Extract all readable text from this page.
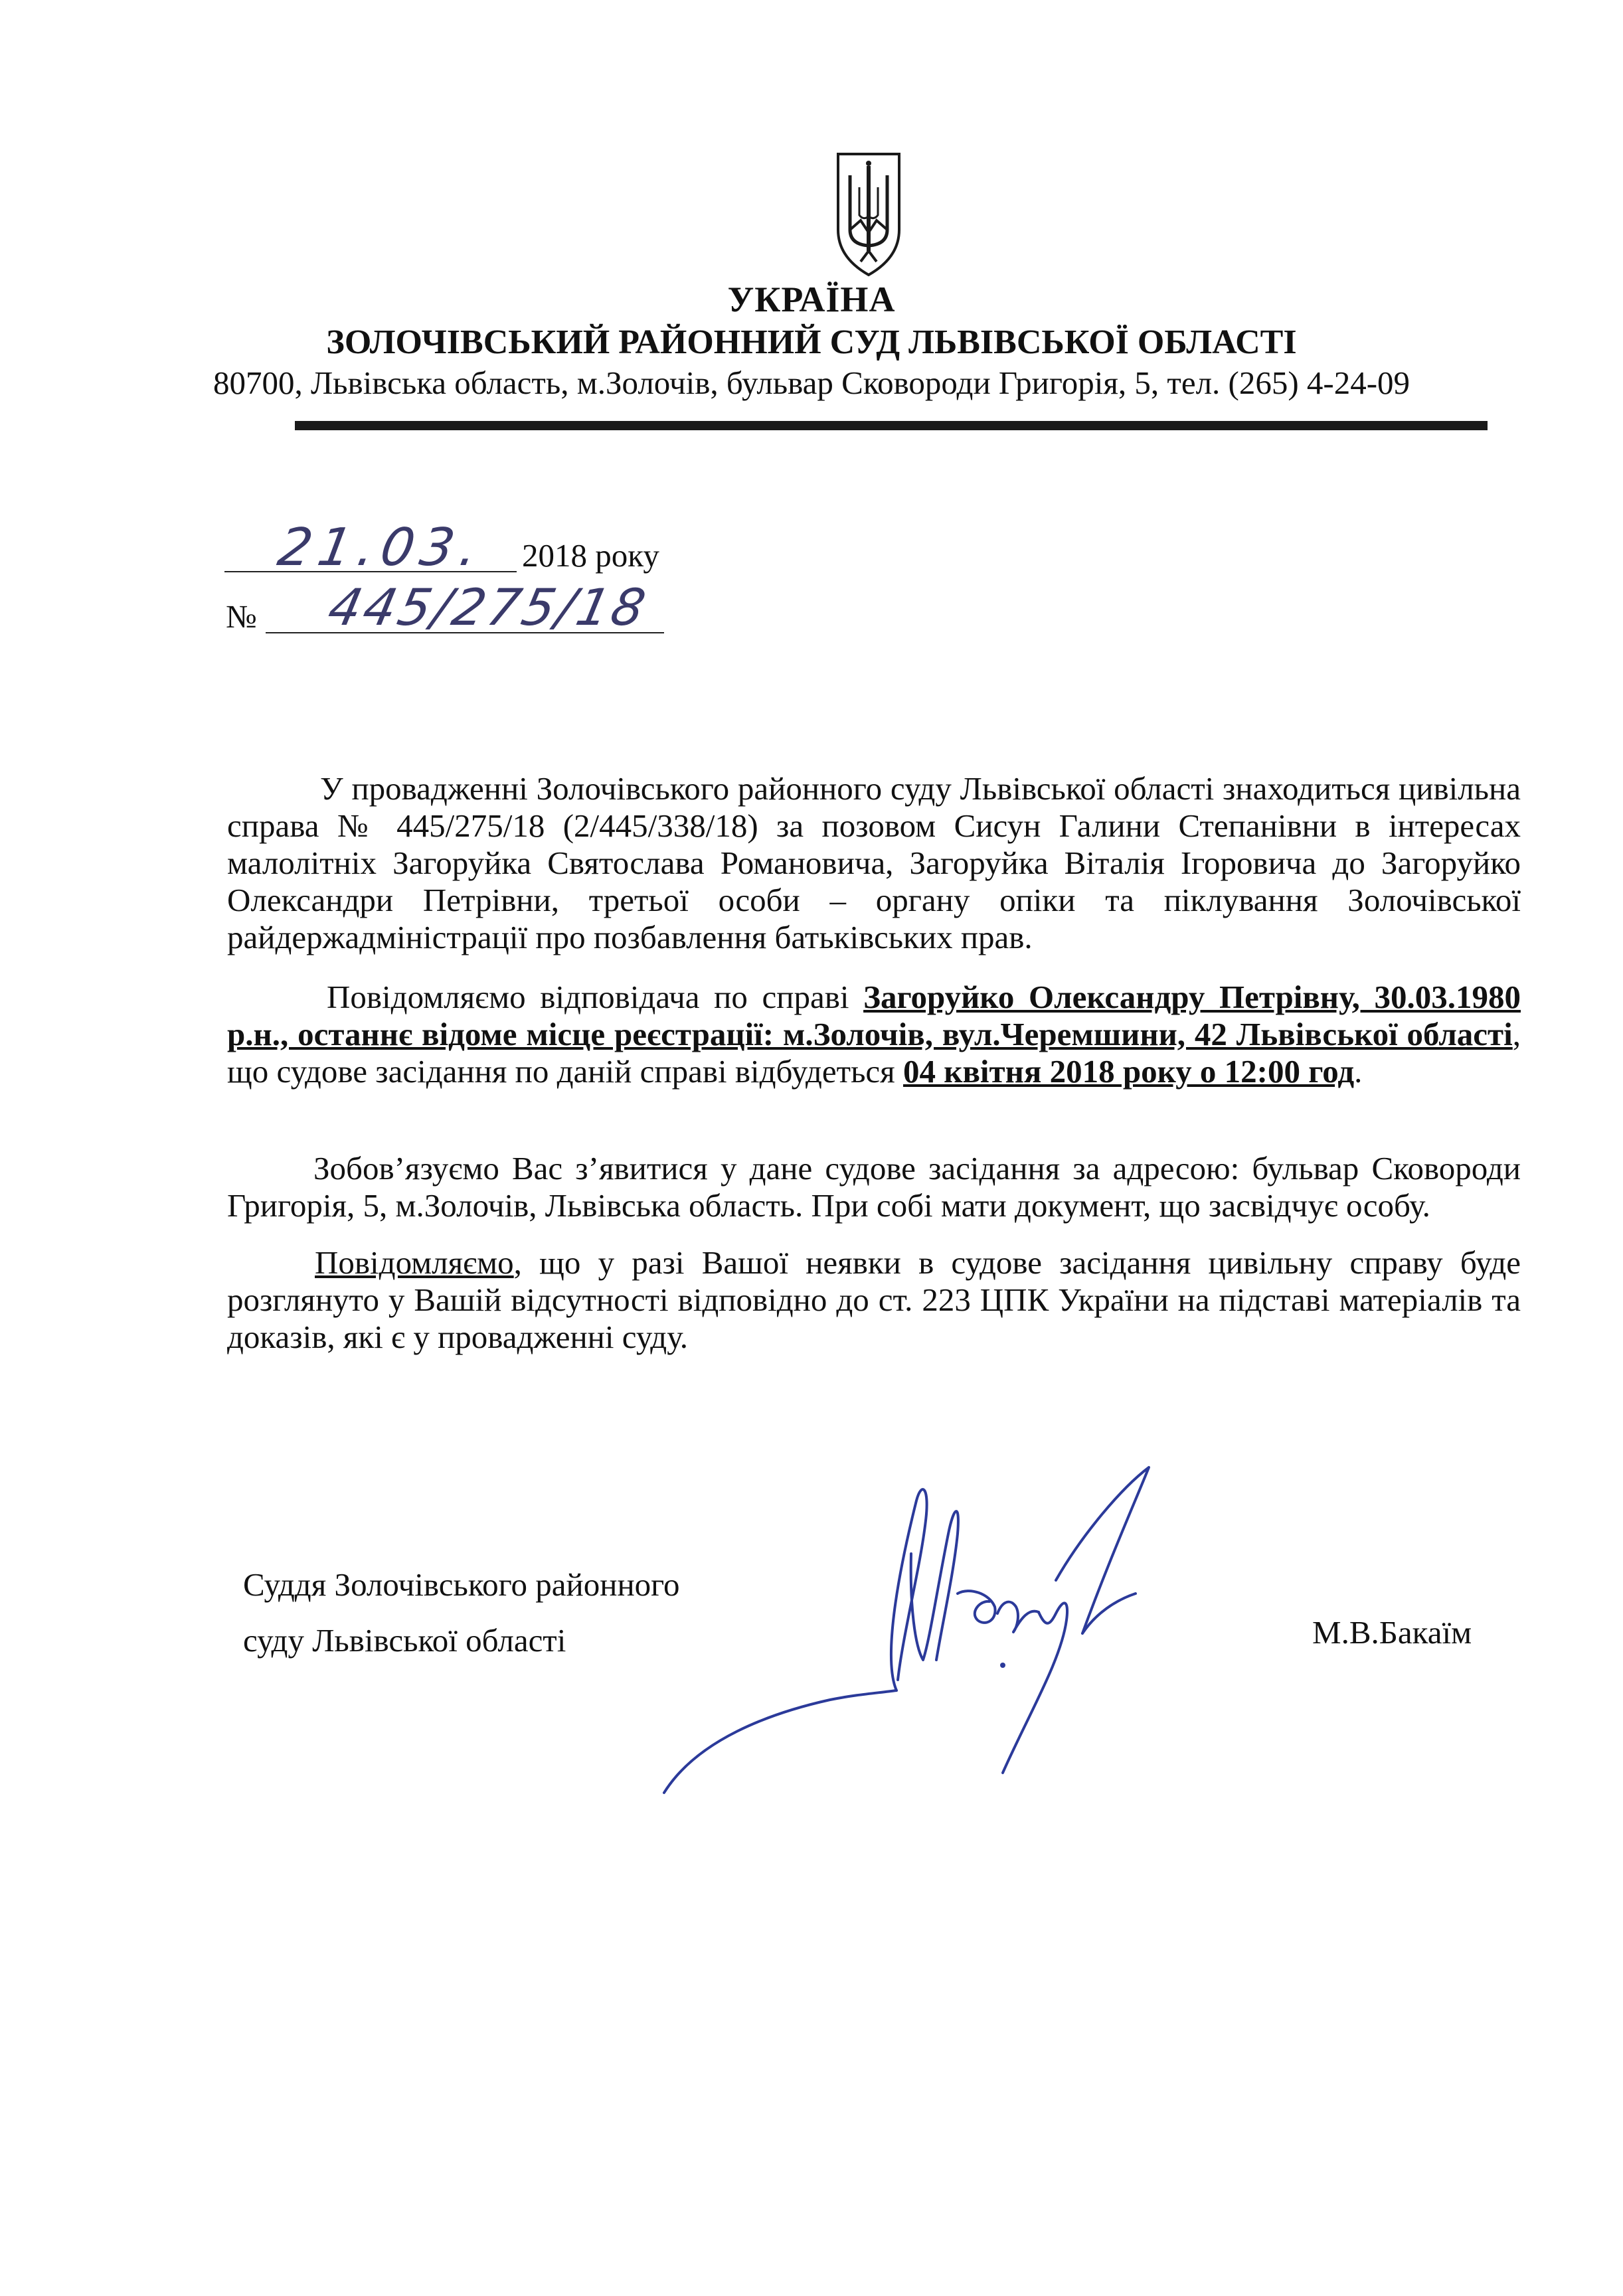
УКРАЇНА
ЗОЛОЧІВСЬКИЙ РАЙОННИЙ СУД ЛЬВІВСЬКОЇ ОБЛАСТІ
80700, Львівська область, м.Золочів, бульвар Сковороди Григорія, 5, тел. (265) 4-24-09
21.03. 2018 року
№ 445/275/18

У провадженні Золочівського районного суду Львівської області знаходиться цивільна справа № 445/275/18 (2/445/338/18) за позовом Сисун Галини Степанівни в інтересах малолітніх Загоруйка Святослава Романовича, Загоруйка Віталія Ігоровича до Загоруйко Олександри Петрівни, третьої особи – органу опіки та піклування Золочівської райдержадміністрації про позбавлення батьківських прав.

Повідомляємо відповідача по справі Загоруйко Олександру Петрівну, 30.03.1980 р.н., останнє відоме місце реєстрації: м.Золочів, вул.Черемшини, 42 Львівської області, що судове засідання по даній справі відбудеться 04 квітня 2018 року о 12:00 год.

Зобов’язуємо Вас з’явитися у дане судове засідання за адресою: бульвар Сковороди Григорія, 5, м.Золочів, Львівська область. При собі мати документ, що засвідчує особу.

Повідомляємо, що у разі Вашої неявки в судове засідання цивільну справу буде розглянуто у Вашій відсутності відповідно до ст. 223 ЦПК України на підставі матеріалів та доказів, які є у провадженні суду.

Суддя Золочівського районного
суду Львівської області	М.В.Бакаїм
